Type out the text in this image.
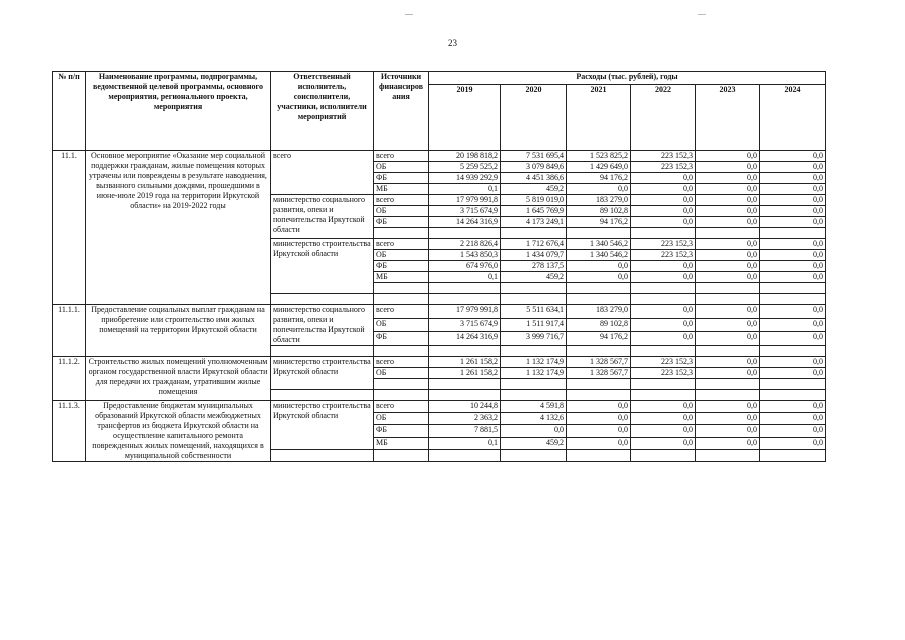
23
№ п/п	Наименование программы, подпрограммы, ведомственной целевой программы, основного мероприятия, регионального проекта, мероприятия	Ответственный исполнитель, соисполнители, участники, исполнители мероприятий	Источники финансиров ания	Расходы (тыс. рублей), годы					
				2019	2020	2021	2022	2023	2024
11.1.	Основное мероприятие «Оказание мер социальной поддержки гражданам, жилые помещения которых утрачены или повреждены в результате наводнения, вызванного сильными дождями, прошедшими в июне-июле 2019 года на территории Иркутской области» на 2019-2022 годы	всего	всего	20 198 818,2	7 531 695,4	1 523 825,2	223 152,3	0,0	0,0
			ОБ	5 259 525,2	3 079 849,6	1 429 649,0	223 152,3	0,0	0,0
			ФБ	14 939 292,9	4 451 386,6	94 176,2	0,0	0,0	0,0
			МБ	0,1	459,2	0,0	0,0	0,0	0,0
		министерство социального развития, опеки и попечительства Иркутской области	всего	17 979 991,8	5 819 019,0	183 279,0	0,0	0,0	0,0
			ОБ	3 715 674,9	1 645 769,9	89 102,8	0,0	0,0	0,0
			ФБ	14 264 316,9	4 173 249,1	94 176,2	0,0	0,0	0,0

		министерство строительства Иркутской области	всего	2 218 826,4	1 712 676,4	1 340 546,2	223 152,3	0,0	0,0
			ОБ	1 543 850,3	1 434 079,7	1 340 546,2	223 152,3	0,0	0,0
			ФБ	674 976,0	278 137,5	0,0	0,0	0,0	0,0
			МБ	0,1	459,2	0,0	0,0	0,0	0,0

11.1.1.	Предоставление социальных выплат гражданам на приобретение или строительство ими жилых помещений на территории Иркутской области	министерство социального развития, опеки и попечительства Иркутской области	всего	17 979 991,8	5 511 634,1	183 279,0	0,0	0,0	0,0
			ОБ	3 715 674,9	1 511 917,4	89 102,8	0,0	0,0	0,0
			ФБ	14 264 316,9	3 999 716,7	94 176,2	0,0	0,0	0,0

11.1.2.	Строительство жилых помещений уполномоченным органом государственной власти Иркутской области для передачи их гражданам, утратившим жилые помещения	министерство строительства Иркутской области	всего	1 261 158,2	1 132 174,9	1 328 567,7	223 152,3	0,0	0,0
			ОБ	1 261 158,2	1 132 174,9	1 328 567,7	223 152,3	0,0	0,0

11.1.3.	Предоставление бюджетам муниципальных образований Иркутской области межбюджетных трансфертов из бюджета Иркутской области на осуществление капитального ремонта поврежденных жилых помещений, находящихся в муниципальной собственности	министерство строительства Иркутской области	всего	10 244,8	4 591,8	0,0	0,0	0,0	0,0
			ОБ	2 363,2	4 132,6	0,0	0,0	0,0	0,0
			ФБ	7 881,5	0,0	0,0	0,0	0,0	0,0
			МБ	0,1	459,2	0,0	0,0	0,0	0,0
